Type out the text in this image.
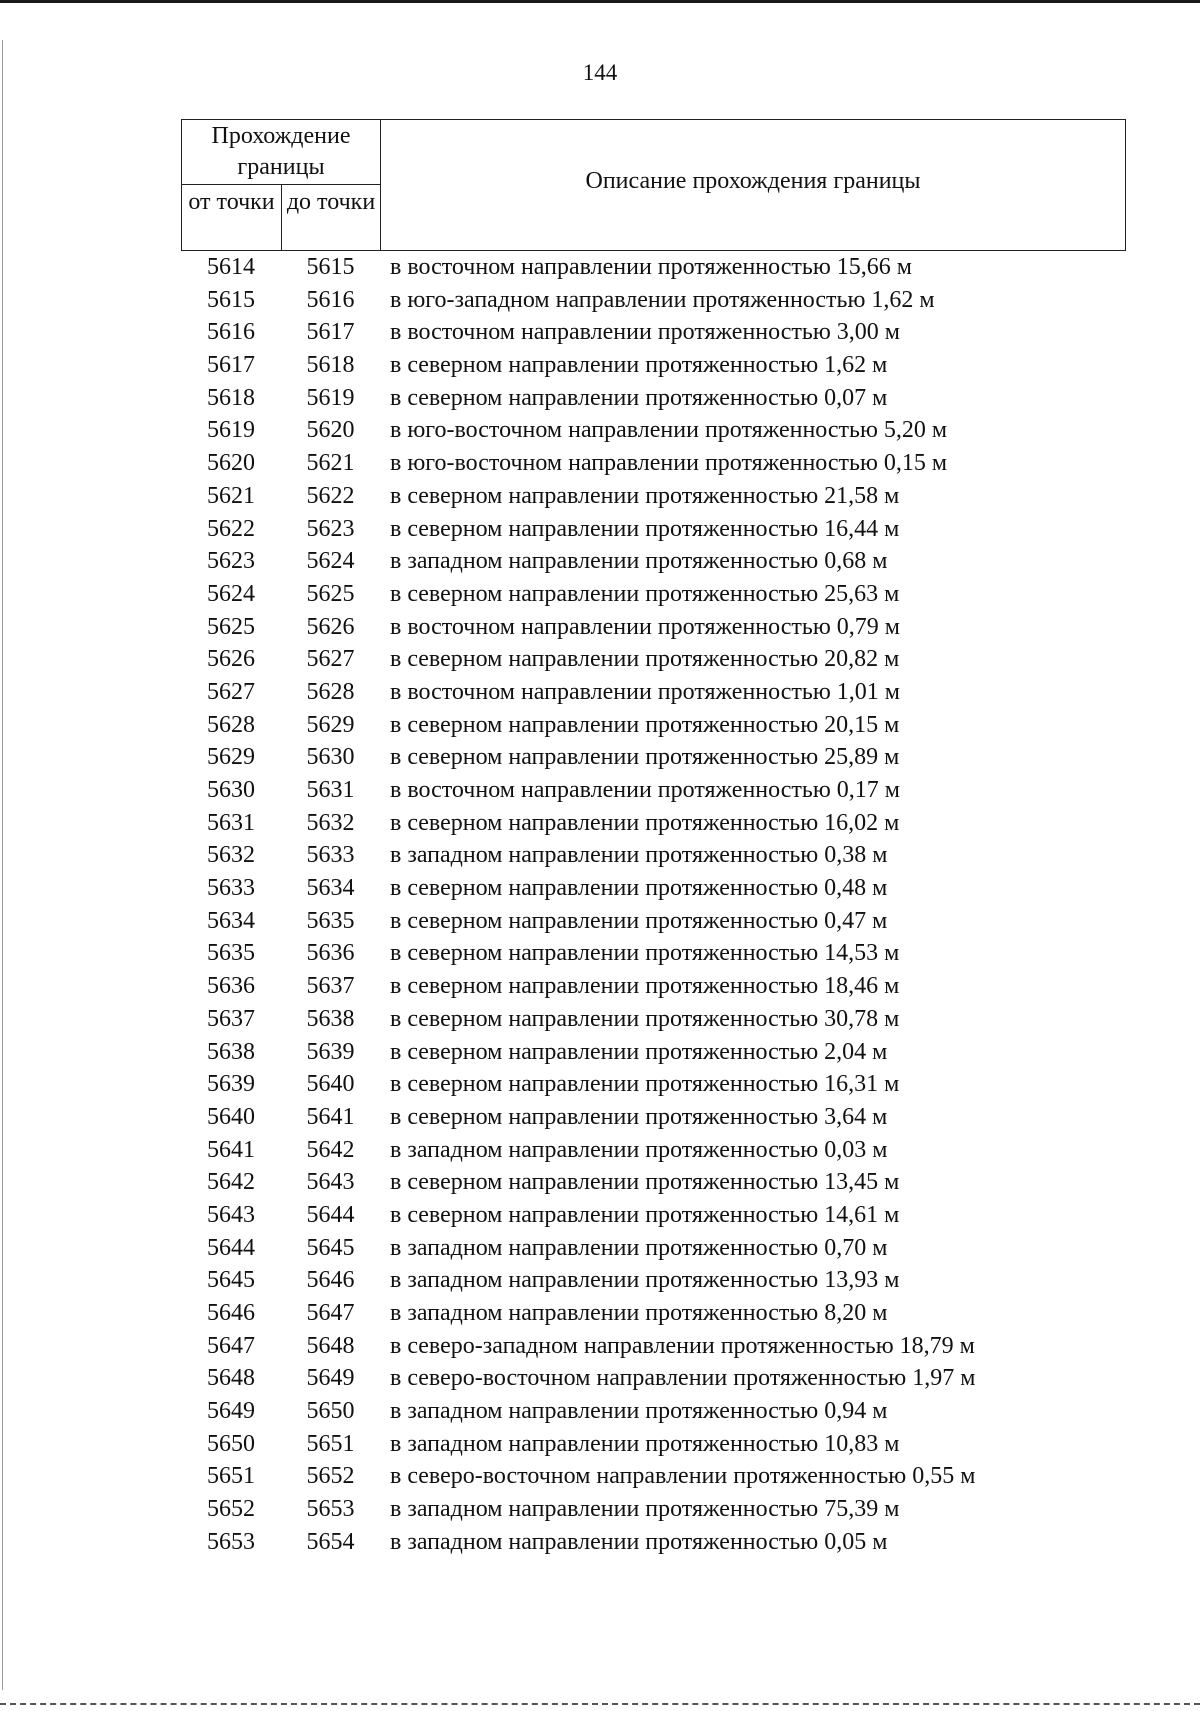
144
Прохождение границы
от точки до точки
Описание прохождения границы
5614	5615	в восточном направлении протяженностью 15,66 м
5615	5616	в юго-западном направлении протяженностью 1,62 м
5616	5617	в восточном направлении протяженностью 3,00 м
5617	5618	в северном направлении протяженностью 1,62 м
5618	5619	в северном направлении протяженностью 0,07 м
5619	5620	в юго-восточном направлении протяженностью 5,20 м
5620	5621	в юго-восточном направлении протяженностью 0,15 м
5621	5622	в северном направлении протяженностью 21,58 м
5622	5623	в северном направлении протяженностью 16,44 м
5623	5624	в западном направлении протяженностью 0,68 м
5624	5625	в северном направлении протяженностью 25,63 м
5625	5626	в восточном направлении протяженностью 0,79 м
5626	5627	в северном направлении протяженностью 20,82 м
5627	5628	в восточном направлении протяженностью 1,01 м
5628	5629	в северном направлении протяженностью 20,15 м
5629	5630	в северном направлении протяженностью 25,89 м
5630	5631	в восточном направлении протяженностью 0,17 м
5631	5632	в северном направлении протяженностью 16,02 м
5632	5633	в западном направлении протяженностью 0,38 м
5633	5634	в северном направлении протяженностью 0,48 м
5634	5635	в северном направлении протяженностью 0,47 м
5635	5636	в северном направлении протяженностью 14,53 м
5636	5637	в северном направлении протяженностью 18,46 м
5637	5638	в северном направлении протяженностью 30,78 м
5638	5639	в северном направлении протяженностью 2,04 м
5639	5640	в северном направлении протяженностью 16,31 м
5640	5641	в северном направлении протяженностью 3,64 м
5641	5642	в западном направлении протяженностью 0,03 м
5642	5643	в северном направлении протяженностью 13,45 м
5643	5644	в северном направлении протяженностью 14,61 м
5644	5645	в западном направлении протяженностью 0,70 м
5645	5646	в западном направлении протяженностью 13,93 м
5646	5647	в западном направлении протяженностью 8,20 м
5647	5648	в северо-западном направлении протяженностью 18,79 м
5648	5649	в северо-восточном направлении протяженностью 1,97 м
5649	5650	в западном направлении протяженностью 0,94 м
5650	5651	в западном направлении протяженностью 10,83 м
5651	5652	в северо-восточном направлении протяженностью 0,55 м
5652	5653	в западном направлении протяженностью 75,39 м
5653	5654	в западном направлении протяженностью 0,05 м
